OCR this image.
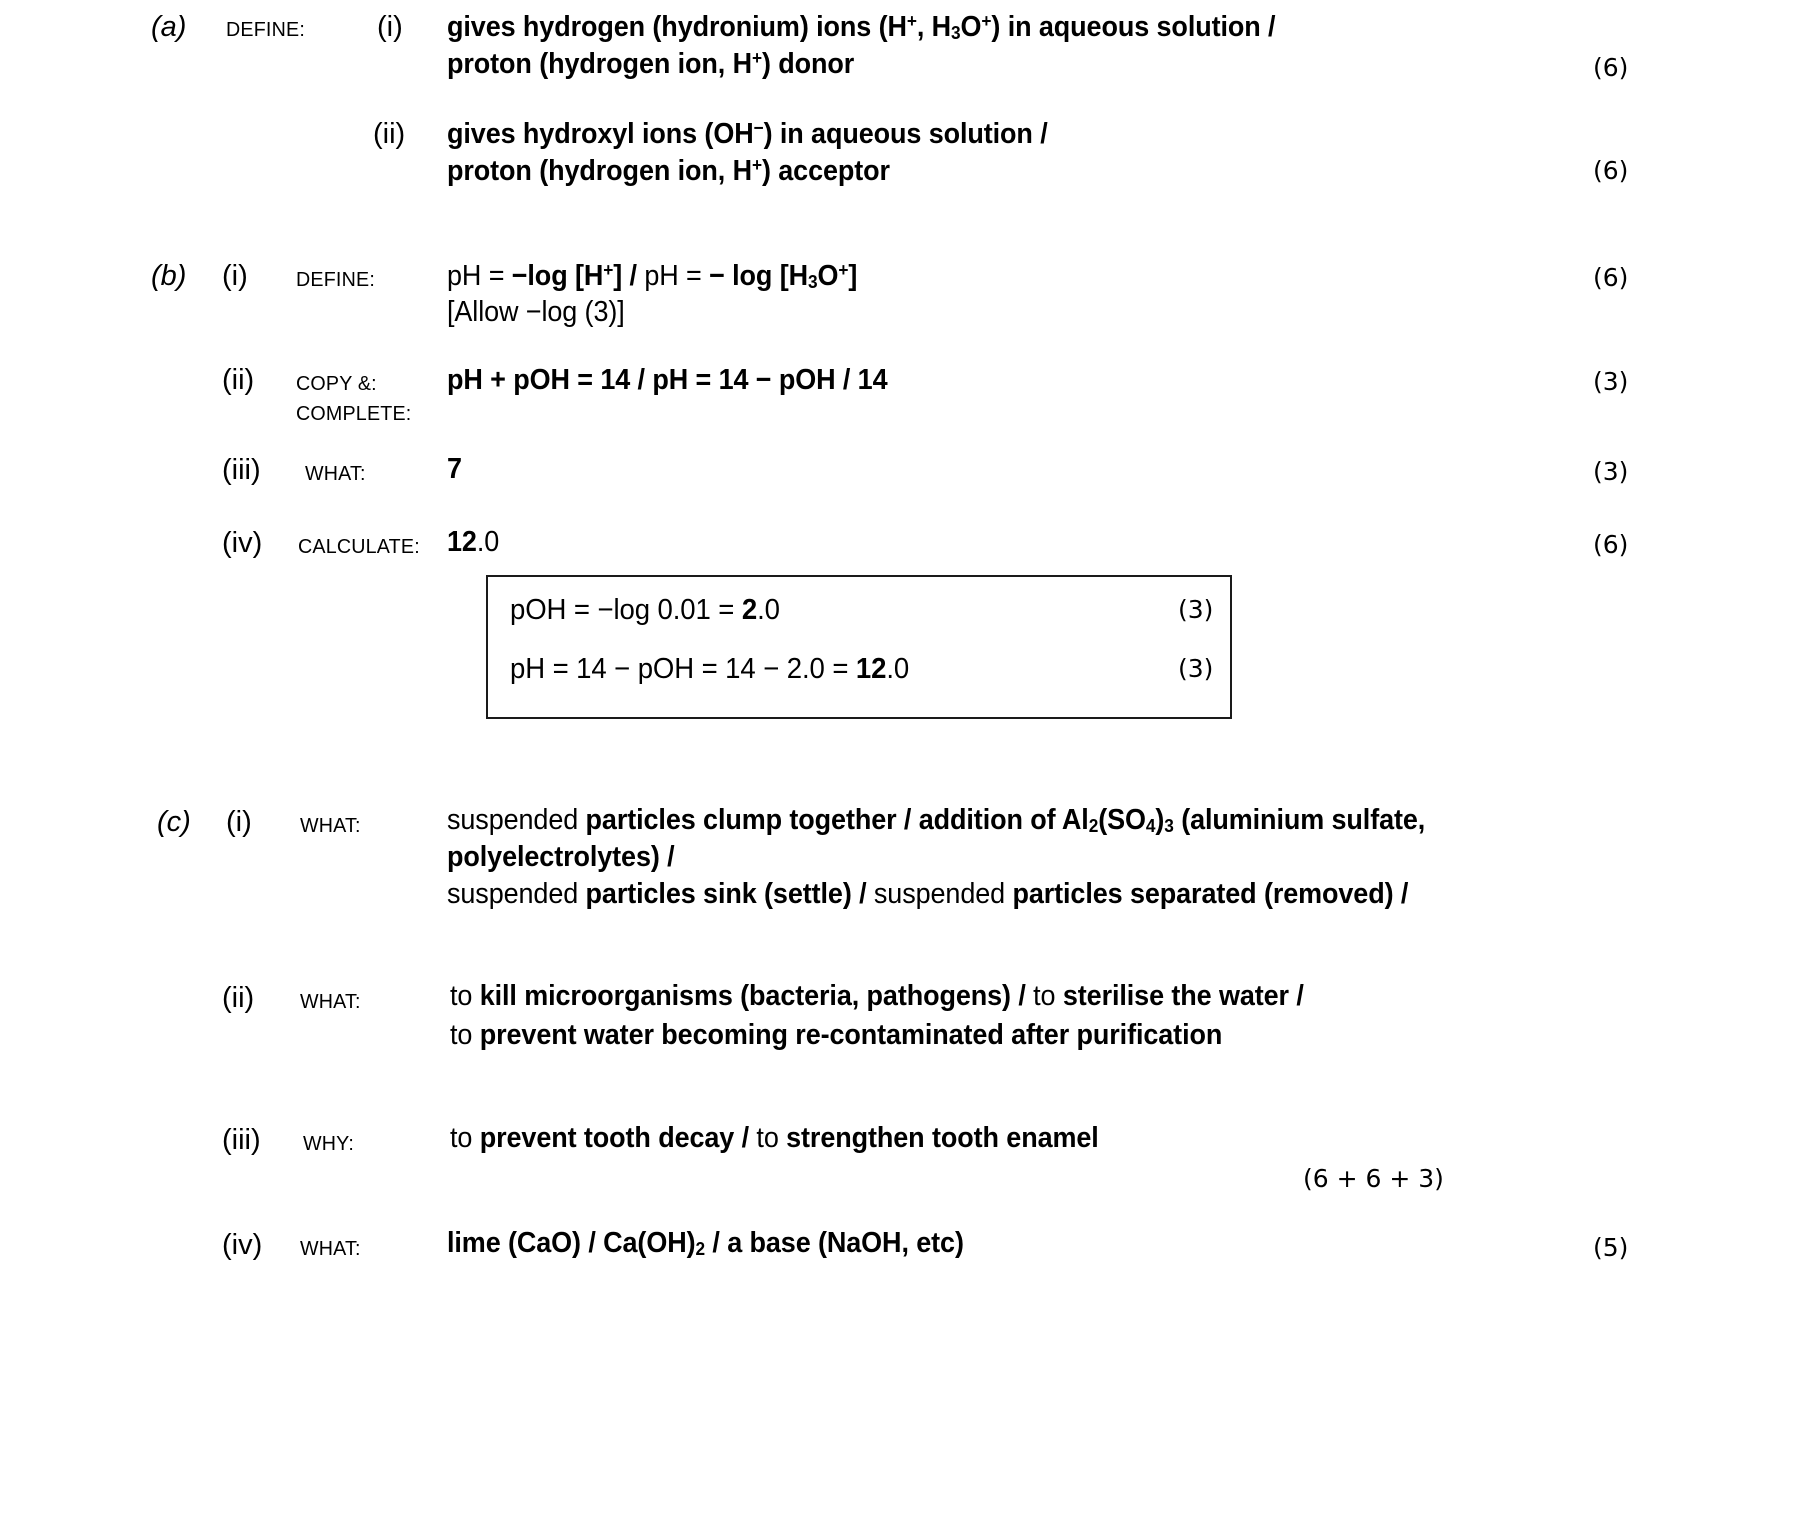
(a) DEFINE: (i) gives hydrogen (hydronium) ions (H+, $H_3O^+$) in aqueous solution /
proton (hydrogen ion, H+) donor	(6)
(ii) gives hydroxyl ions (OH−) in aqueous solution /
proton (hydrogen ion, H+) acceptor	(6)
(b) (i) DEFINE: pH = −log [H+] / pH = − $\log [H_3O^+]$
[Allow −log (3)]
(6)
(ii) COPY &:
COMPLETE:
pH + pOH = 14 / pH = 14 − pOH / 14	(3)
(iii) WHAT:	7	(3)
(iv) CALCULATE: 12.0	(6)
pOH = −log 0.01 = 2.0	(3)
pH = 14 − pOH = 14 − 2.0 = 12.0	(3)
(c) (i) WHAT:	suspended particles clump together / addition of $Al_2(SO_4)_3$ (aluminium sulfate,
polyelectrolytes) /
suspended particles sink (settle) / suspended particles separated (removed) /
(ii) WHAT:	to kill microorganisms (bacteria, pathogens) / to sterilise the water /
to prevent water becoming re-contaminated after purification
(iii) WHY:	to prevent tooth decay / to strengthen tooth enamel
(6 + 6 + 3)
(iv) WHAT:	lime $(CaO) / Ca(OH)_2$ / a base (NaOH, etc)	(5)
